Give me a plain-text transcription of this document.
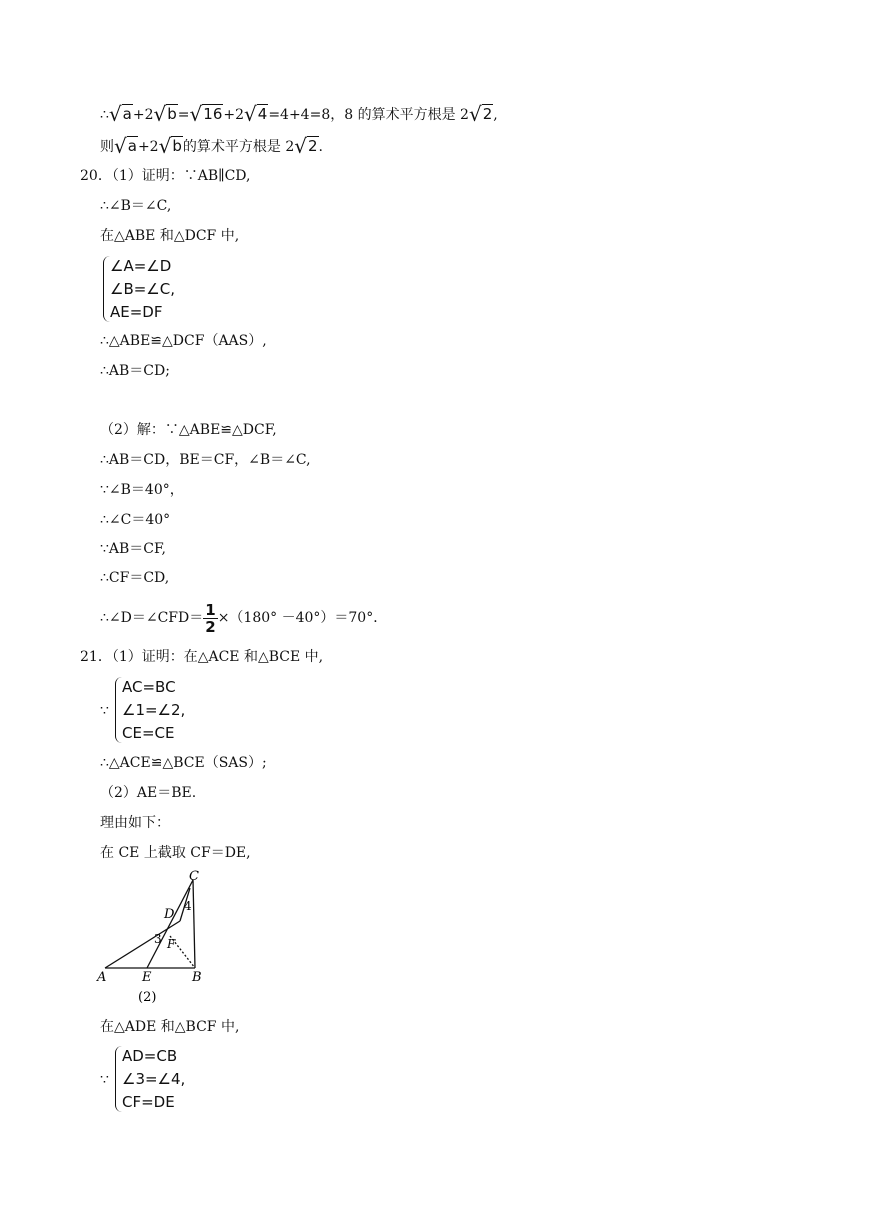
∴√a+2√b=√16+2√4=4+4=8，8 的算术平方根是 2√2,
则√a+2√b的算术平方根是 2√2.
20．（1）证明：∵AB∥CD,
∴∠B＝∠C,
在△ABE 和△DCF 中,
∠A=∠D
∠B=∠C,
AE=DF
∴△ABE≌△DCF（AAS）,
∴AB＝CD;
（2）解：∵△ABE≌△DCF,
∴AB＝CD，BE＝CF，∠B＝∠C,
∵∠B＝40°，
∴∠C＝40°
∵AB＝CF,
∴CF＝CD,
∴∠D＝∠CFD＝ $\frac{1}{2} \times(180^\circ -40^\circ)=70^\circ$．
21．（1）证明：在△ACE 和△BCE 中,
∵
AC=BC
∠1=∠2,
CE=CE
∴△ACE≌△BCE（SAS）;
（2）AE＝BE.
理由如下：
在 CE 上截取 CF＝DE,
C
D
4
3 F
A	E	B
(2)
在△ADE 和△BCF 中,
∵
AD=CB
∠3=∠4,
CF=DE
